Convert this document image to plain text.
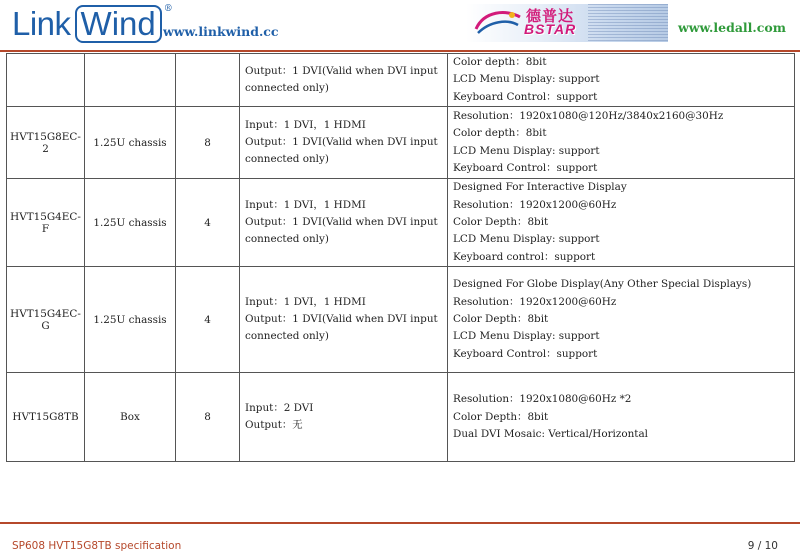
Link Wind ®
www.linkwind.cc
德普达
BSTAR	www.ledall.com

			Output：1 DVI(Valid when DVI input
connected only)	Color depth：8bit
LCD Menu Display: support
Keyboard Control：support

HVT15G8EC-2	1.25U chassis	8	Input：1 DVI，1 HDMI
Output：1 DVI(Valid when DVI input
connected only)	Resolution：1920x1080@120Hz/3840x2160@30Hz
Color depth：8bit
LCD Menu Display: support
Keyboard Control：support

HVT15G4EC-F	1.25U chassis	4	Input：1 DVI，1 HDMI
Output：1 DVI(Valid when DVI input
connected only)	Designed For Interactive Display
Resolution：1920x1200@60Hz
Color Depth：8bit
LCD Menu Display: support
Keyboard control：support

HVT15G4EC-G	1.25U chassis	4	Input：1 DVI，1 HDMI
Output：1 DVI(Valid when DVI input
connected only)	Designed For Globe Display(Any Other Special Displays)
Resolution：1920x1200@60Hz
Color Depth：8bit
LCD Menu Display: support
Keyboard Control：support

HVT15G8TB	Box	8	Input：2 DVI
Output：无	Resolution：1920x1080@60Hz *2
Color Depth：8bit
Dual DVI Mosaic: Vertical/Horizontal
SP608 HVT15G8TB specification	9 / 10
